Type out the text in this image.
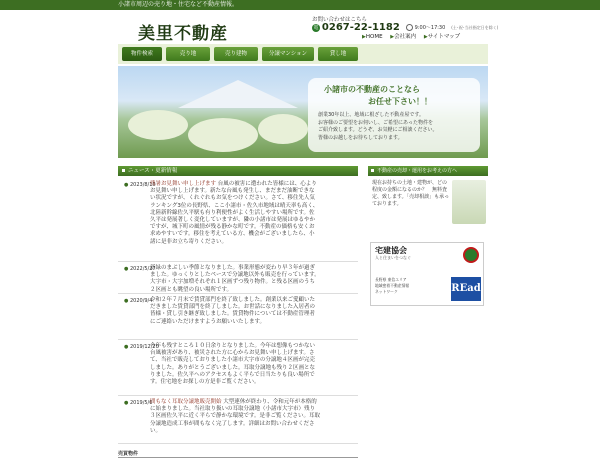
小諸市周辺の売り地・住宅など不動産情報。
美里不動産
お問い合わせはこちら
電 0267-22-1182	9:00〜17:30 (土･祝･当社指定日を除く)
▶HOME ▶会社案内 ▶サイトマップ
物件検索	売り地	売り建物	分譲マンション	貸し地
小諸市の不動産のことなら
お任せ下さい！！
創業30年以上、地域に根ざした不動産屋です。
お客様のご要望をお伺いし、ご希望にあった物件を
ご紹介致します。どうぞ、お気軽にご相談ください。
皆様のお越しをお待ちしております。
ニュース・更新情報
● 2023/8/10
残暑お見舞い申し上げます 台風の被害に遭われた皆様には、心よりお見舞い申し上げます。新たな台風も発生し、まだまだ油断できない状況ですが、くれぐれもお気をつけください。さて、移住先人気ランキング3位の長野県、ここ小諸市・佐久市地域は晴天率も高く、北陸新幹線佐久平駅も有り利便性がよく生活しやすい場所です。佐久平は発展著しく変化していますが、隣の小諸市は発展はゆるやかですが、城下町の風情が残る静かな町です。不動産の価格も安くお求めやすいです。移住を考えている方、機会がございましたら、小諸に是非お立ち寄りください。
● 2022/5/27
新緑のまぶしい季節となりました。事業形態が変わり早３年が過ぎました。ゆっくりとしたペースで分譲地以外も販売を行っています。大字市・大字加増それぞれ１区画ずつ残り物件。と残る区画のうち２区画とも眺望の良い場所です。
● 2020/9/4
令和２年７月末で賃貸部門を終了致しました。創業以来ご愛顧いただきました賃貸部門を終了しました。お世話になりました入居者の皆様・貸し引き継ぎ致しました。賃貸物件については不動産管理者にご連絡いただけますようお願いいたします。
● 2019/12/20
今年も残すところ１０日余りとなりました。今年は想像もつかない台風被害があり、被災された方に心からお見舞い申し上げます。さて、当社で販売しておりました小諸市大字市の分譲地４区画が完売しました。ありがとうございました。耳取分譲地も残り２区画となりました。佐久平へのアクセスもよく平らで日当たりも良い場所です。住宅地をお探しの方是非ご覧ください。
● 2019/5/6
間もなく耳取分譲地販売開始 大型連休が終わり、令和元年が本格的に始まりました。当社取り扱いの耳取分譲地（小諸市大字市）残り３区画佐久平に近く平らで静かな環境です。是非ご覧ください。耳取分譲地造成工事が間もなく完了します。詳細はお問い合わせください。
売買物件
不動産の売却・運用をお考えの方へ
現在お持ちの土地・建物が、どの程度の金額になるのか？　無料査定、致します。「売却相談」も承っております。
宅建協会
人と住まいをつなぐ
長野県 東信エリア
地域密着不動産情報
ネットワーク	REad
